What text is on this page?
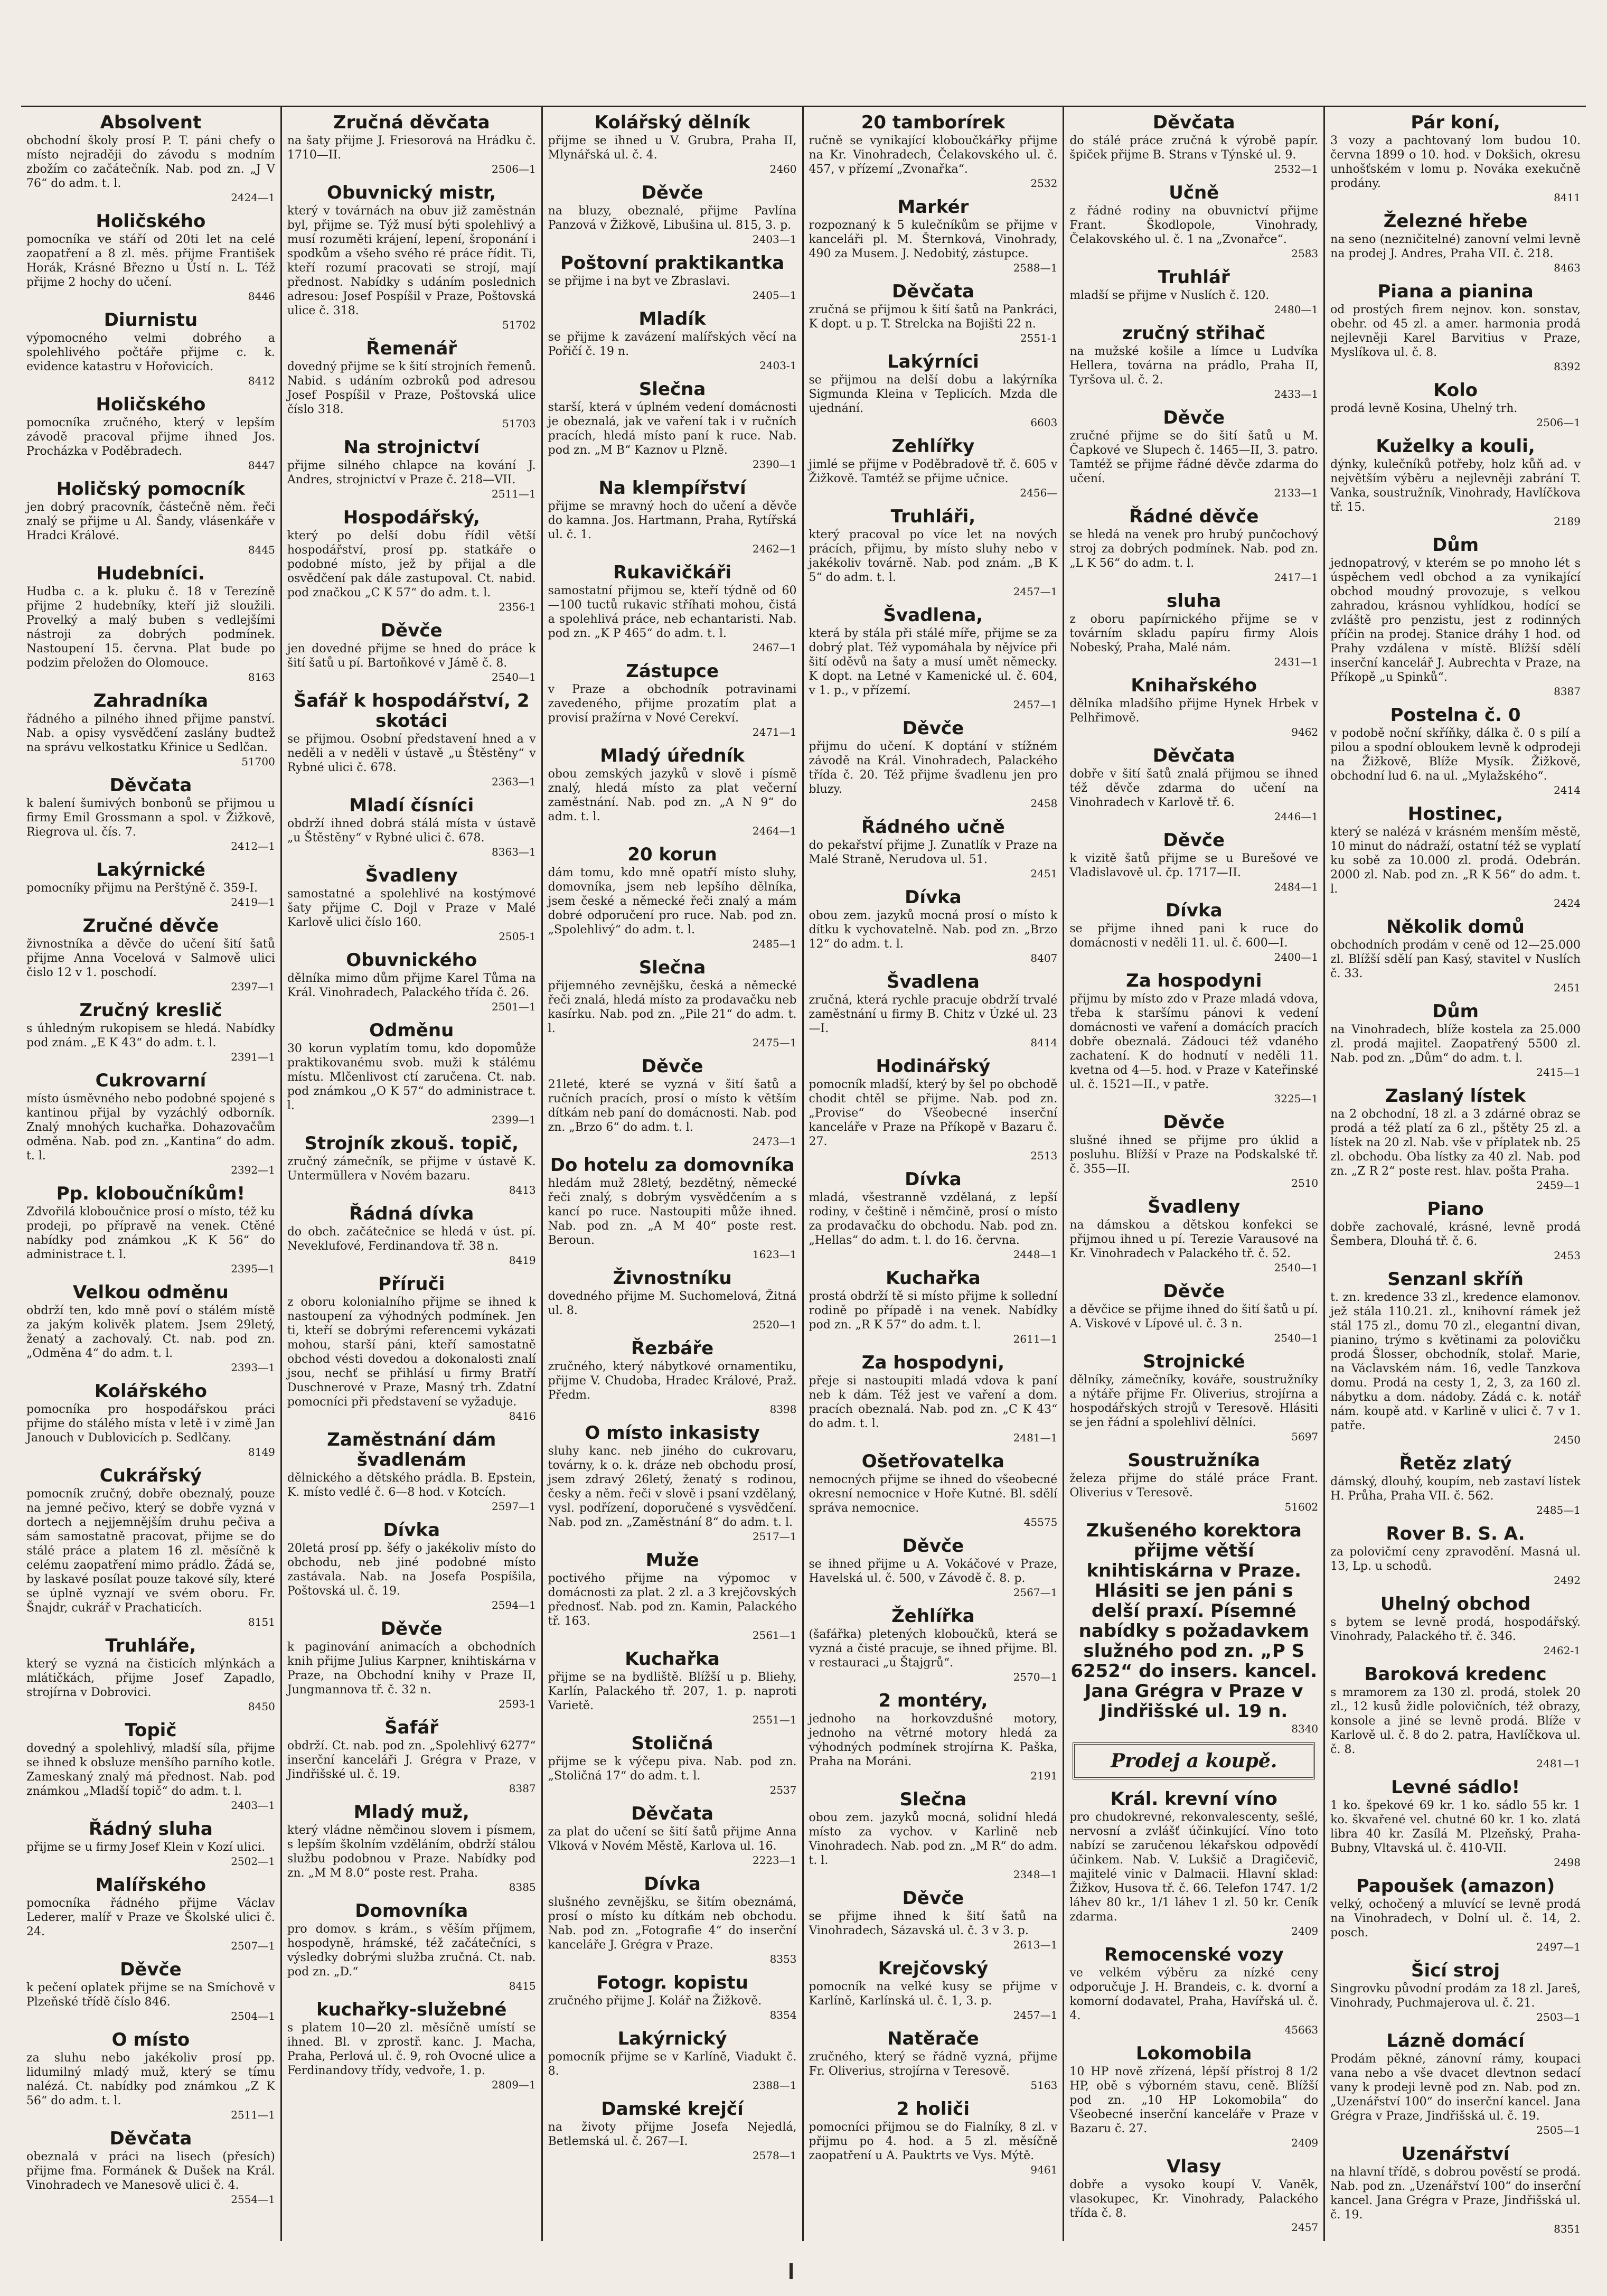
Absolvent

obchodní školy prosí P. T. páni chefy o místo nejraději do závodu s modním zbožím co začátečník. Nab. pod zn. „J V 76“ do adm. t. l.

2424—1
Holičského

pomocníka ve stáří od 20ti let na celé zaopatření a 8 zl. měs. přijme František Horák, Krásné Březno u Ústí n. L. Též přijme 2 hochy do učení.

8446
Diurnistu

výpomocného velmi dobrého a spolehlivého počtáře přijme c. k. evidence katastru v Hořovicích.

8412
Holičského

pomocníka zručného, který v lepším závodě pracoval přijme ihned Jos. Procházka v Poděbradech.

8447
Holičský pomocník

jen dobrý pracovník, částečně něm. řeči znalý se přijme u Al. Šandy, vlásenkáře v Hradci Králové.

8445
Hudebníci.

Hudba c. a k. pluku č. 18 v Terezíně přijme 2 hudebníky, kteří již sloužili. Provelký a malý buben s vedlejšími nástroji za dobrých podmínek. Nastoupení 15. června. Plat bude po podzim přeložen do Olomouce.

8163
Zahradníka

řádného a pilného ihned přijme panství. Nab. a opisy vysvědčení zaslány budtež na správu velkostatku Křinice u Sedlčan.

51700
Děvčata

k balení šumivých bonbonů se přijmou u firmy Emil Grossmann a spol. v Žižkově, Riegrova ul. čís. 7.

2412—1
Lakýrnické

pomocníky přijmu na Perštýně č. 359-I.

2419—1
Zručné děvče

živnostníka a děvče do učení šití šatů přijme Anna Vocelová v Salmově ulici čislo 12 v 1. poschodí.

2397—1
Zručný kreslič

s úhledným rukopisem se hledá. Nabídky pod znám. „E K 43“ do adm. t. l.

2391—1
Cukrovarní

místo úsměvného nebo podobné spojené s kantinou přijal by vyzáchlý odborník. Znalý mnohých kuchařka. Dohazovačům odměna. Nab. pod zn. „Kantina“ do adm. t. l.

2392—1
Pp. kloboučníkům!

Zdvořilá kloboučnice prosí o místo, též ku prodeji, po přípravě na venek. Ctěné nabídky pod známkou „K K 56“ do administrace t. l.

2395—1
Velkou odměnu

obdrží ten, kdo mně poví o stálém místě za jakým kolivěk platem. Jsem 29letý, ženatý a zachovalý. Ct. nab. pod zn. „Odměna 4“ do adm. t. l.

2393—1
Kolářského

pomocníka pro hospodářskou práci přijme do stálého místa v letě i v zimě Jan Janouch v Dublovicích p. Sedlčany.

8149
Cukrářský

pomocník zručný, dobře obeznalý, pouze na jemné pečivo, který se dobře vyzná v dortech a nejjemnějším druhu pečiva a sám samostatně pracovat, přijme se do stálé práce a platem 16 zl. měsíčně k celému zaopatření mimo prádlo. Žádá se, by laskavé posílat pouze takové síly, které se úplně vyznají ve svém oboru. Fr. Šnajdr, cukrář v Prachaticích.

8151
Truhláře,

který se vyzná na čisticích mlýnkách a mlátičkách, přijme Josef Zapadlo, strojírna v Dobrovici.

8450
Topič

dovedný a spolehlivý, mladší síla, přijme se ihned k obsluze menšího parního kotle. Zameskaný znalý má přednost. Nab. pod známkou „Mladší topič“ do adm. t. l.

2403—1
Řádný sluha

přijme se u firmy Josef Klein v Kozí ulici.

2502—1
Malířského

pomocníka řádného přijme Václav Lederer, malíř v Praze ve Školské ulici č. 24.

2507—1
Děvče

k pečení oplatek přijme se na Smíchově v Plzeňské třídě číslo 846.

2504—1
O místo

za sluhu nebo jakékoliv prosí pp. lidumilný mladý muž, který se tímu nalézá. Ct. nabídky pod známkou „Z K 56“ do adm. t. l.

2511—1
Děvčata

obeznalá v práci na lisech (přesích) přijme fma. Formánek & Dušek na Král. Vinohradech ve Manesově ulici č. 4.

2554—1
Zručná děvčata

na šaty přijme J. Friesorová na Hrádku č. 1710—II.

2506—1
Obuvnický mistr,

který v továrnách na obuv již zaměstnán byl, přijme se. Týž musí býti spolehlivý a musí rozuměti krájení, lepení, šroponání i spodkům a všeho svého ré práce řídit. Ti, kteří rozumí pracovati se strojí, mají přednost. Nabídky s udáním poslednich adresou: Josef Pospíšil v Praze, Poštovská ulice č. 318.

51702
Řemenář

dovedný přijme se k šití strojních řemenů. Nabid. s udáním ozbroků pod adresou Josef Pospíšil v Praze, Poštovská ulice číslo 318.

51703
Na strojnictví

přijme silného chlapce na kování J. Andres, strojnictví v Praze č. 218—VII.

2511—1
Hospodářský,

který po delší dobu řídil větší hospodářství, prosí pp. statkáře o podobné místo, jež by přijal a dle osvědčení pak dále zastupoval. Ct. nabid. pod značkou „C K 57“ do adm. t. l.

2356-1
Děvče

jen dovedné přijme se hned do práce k šití šatů u pí. Bartoňkové v Jámě č. 8.

2540—1
Šafář k hospodářství, 2 skotáci

se přijmou. Osobní představení hned a v neděli a v neděli v ústavě „u Štěstěny“ v Rybné ulici č. 678.

2363—1
Mladí čísníci

obdrží ihned dobrá stálá místa v ústavě „u Štěstěny“ v Rybné ulici č. 678.

8363—1
Švadleny

samostatné a spolehlivé na kostýmové šaty přijme C. Dojl v Praze v Malé Karlově ulici číslo 160.

2505-1
Obuvnického

dělníka mimo dům přijme Karel Tůma na Král. Vinohradech, Palackého třída č. 26.

2501—1
Odměnu

30 korun vyplatím tomu, kdo dopomůže praktikovanému svob. muži k stálému místu. Mlčenlivost ctí zaručena. Ct. nab. pod známkou „O K 57“ do administrace t. l.

2399—1
Strojník zkouš. topič,

zručný zámečník, se přijme v ústavě K. Untermüllera v Novém bazaru.

8413
Řádná dívka

do obch. začátečnice se hledá v úst. pí. Neveklufové, Ferdinandova tř. 38 n.

8419
Příruči

z oboru kolonialního přijme se ihned k nastoupení za výhodných podmínek. Jen ti, kteří se dobrými referencemi vykázati mohou, starší páni, kteří samostatně obchod vésti dovedou a dokonalosti znalí jsou, nechť se přihlásí u firmy Bratří Duschnerové v Praze, Masný trh. Zdatní pomocníci při představení se vyžaduje.

8416
Zaměstnání dám švadlenám

dělnického a dětského prádla. B. Epstein, K. místo vedlé č. 6—8 hod. v Kotcích.

2597—1
Dívka

20letá prosí pp. šéfy o jakékoliv místo do obchodu, neb jiné podobné místo zastávala. Nab. na Josefa Pospíšila, Poštovská ul. č. 19.

2594—1
Děvče

k paginování animacích a obchodních knih přijme Julius Karpner, knihtiskárna v Praze, na Obchodní knihy v Praze II, Jungmannova tř. č. 32 n.

2593-1
Šafář

obdrží. Ct. nab. pod zn. „Spolehlivý 6277“ inserční kanceláři J. Grégra v Praze, v Jindřišské ul. č. 19.

8387
Mladý muž,

který vládne němčinou slovem i písmem, s lepším školním vzděláním, obdrží stálou službu podobnou v Praze. Nabídky pod zn. „M M 8.0“ poste rest. Praha.

8385
Domovníka

pro domov. s krám., s věším příjmem, hospodyně, hrámské, též začátečníci, s výsledky dobrými služba zručná. Ct. nab. pod zn. „D.“

8415
kuchařky-služebné

s platem 10—20 zl. měsíčně umístí se ihned. Bl. v zprostř. kanc. J. Macha, Praha, Perlová ul. č. 9, roh Ovocné ulice a Ferdinandovy třídy, vedvoře, 1. p.

2809—1
Kolářský dělník

přijme se ihned u V. Grubra, Praha II, Mlynářská ul. č. 4.

2460
Děvče

na bluzy, obeznalé, přijme Pavlína Panzová v Žižkově, Libušina ul. 815, 3. p.

2403—1
Poštovní praktikantka

se přijme i na byt ve Zbraslavi.

2405—1
Mladík

se přijme k zavázení malířských věcí na Pořičí č. 19 n.

2403-1
Slečna

starší, která v úplném vedení domácnosti je obeznalá, jak ve vaření tak i v ručních pracích, hledá místo paní k ruce. Nab. pod zn. „M B“ Kaznov u Plzně.

2390—1
Na klempířství

přijme se mravný hoch do učení a děvče do kamna. Jos. Hartmann, Praha, Rytířská ul. č. 1.

2462—1
Rukavičkáři

samostatní přijmou se, kteří týdně od 60—100 tuctů rukavic stříhati mohou, čistá a spolehlivá práce, neb echantaristi. Nab. pod zn. „K P 465“ do adm. t. l.

2467—1
Zástupce

v Praze a obchodník potravinami zavedeného, přijme prozatím plat a provisí pražírna v Nové Cerekví.

2471—1
Mladý úředník

obou zemských jazyků v slově i písmě znalý, hledá místo za plat večerní zaměstnání. Nab. pod zn. „A N 9“ do adm. t. l.

2464—1
20 korun

dám tomu, kdo mně opatří místo sluhy, domovníka, jsem neb lepšího dělníka, jsem české a německé řeči znalý a mám dobré odporučení pro ruce. Nab. pod zn. „Spolehlivý“ do adm. t. l.

2485—1
Slečna

přijemného zevnějšku, česká a německé řeči znalá, hledá místo za prodavačku neb kasírku. Nab. pod zn. „Pile 21“ do adm. t. l.

2475—1
Děvče

21leté, které se vyzná v šití šatů a ručních pracích, prosí o místo k větším dítkám neb paní do domácnosti. Nab. pod zn. „Brzo 6“ do adm. t. l.

2473—1
Do hotelu za domovníka

hledám muž 28letý, bezdětný, německé řeči znalý, s dobrým vysvědčením a s kancí po ruce. Nastoupiti může ihned. Nab. pod zn. „A M 40“ poste rest. Beroun.

1623—1
Živnostníku

dovedného přijme M. Suchomelová, Žitná ul. 8.

2520—1
Řezbáře

zručného, který nábytkové ornamentiku, přijme V. Chudoba, Hradec Králové, Praž. Předm.

8398
O místo inkasisty

sluhy kanc. neb jiného do cukrovaru, továrny, k o. k. dráze neb obchodu prosí, jsem zdravý 26letý, ženatý s rodinou, česky a něm. řeči v slově i psaní vzdělaný, vysl. podřízení, doporučené s vysvědčení. Nab. pod zn. „Zaměstnání 8“ do adm. t. l.

2517—1
Muže

poctivého přijme na výpomoc v domácnosti za plat. 2 zl. a 3 krejčovských přednosť. Nab. pod zn. Kamin, Palackého tř. 163.

2561—1
Kuchařka

přijme se na bydliště. Blížší u p. Bliehy, Karlín, Palackého tř. 207, 1. p. naproti Varietě.

2551—1
Stoličná

přijme se k výčepu piva. Nab. pod zn. „Stoličná 17“ do adm. t. l.

2537
Děvčata

za plat do učení se šití šatů přijme Anna Vlková v Novém Městě, Karlova ul. 16.

2223—1
Dívka

slušného zevnějšku, se šitím obeznámá, prosí o místo ku dítkám neb obchodu. Nab. pod zn. „Fotografie 4“ do inserční kanceláře J. Grégra v Praze.

8353
Fotogr. kopistu

zručného přijme J. Kolář na Žižkově.

8354
Lakýrnický

pomocník přijme se v Karlíně, Viadukt č. 8.

2388—1
Damské krejčí

na životy přijme Josefa Nejedlá, Betlemská ul. č. 267—I.

2578—1
20 tamborírek

ručně se vynikající kloboučkářky přijme na Kr. Vinohradech, Čelakovského ul. č. 457, v přízemí „Zvonařka“.

2532
Markér

rozpoznaný k 5 kulečníkům se přijme v kanceláři pl. M. Šternková, Vinohrady, 490 za Musem. J. Nedobitý, zástupce.

2588—1
Děvčata

zručná se přijmou k šití šatů na Pankráci, K dopt. u p. T. Strelcka na Bojišti 22 n.

2551-1
Lakýrníci

se přijmou na delší dobu a lakýrníka Sigmunda Kleina v Teplicích. Mzda dle ujednání.

6603
Zehlířky

jimlé se přijme v Poděbradově tř. č. 605 v Žižkově. Tamtéž se přijme učnice.

2456—
Truhláři,

který pracoval po více let na nových prácích, přijmu, by místo sluhy nebo v jakékoliv továrně. Nab. pod znám. „B K 5“ do adm. t. l.

2457—1
Švadlena,

která by stála při stálé míře, přijme se za dobrý plat. Též vypomáhala by nějvíce při šití oděvů na šaty a musí umět německy. K dopt. na Letné v Kamenické ul. č. 604, v 1. p., v přízemí.

2457—1
Děvče

přijmu do učení. K doptání v stížném závodě na Král. Vinohradech, Palackého třída č. 20. Též přijme švadlenu jen pro bluzy.

2458
Řádného učně

do pekařství přijme J. Zunatlík v Praze na Malé Straně, Nerudova ul. 51.

2451
Dívka

obou zem. jazyků mocná prosí o místo k dítku k vychovatelně. Nab. pod zn. „Brzo 12“ do adm. t. l.

8407
Švadlena

zručná, která rychle pracuje obdrží trvalé zaměstnání u firmy B. Chitz v Úzké ul. 23—I.

8414
Hodinářský

pomocník mladší, který by šel po obchodě chodit chtěl se přijme. Nab. pod zn. „Provise“ do Všeobecné inserční kanceláře v Praze na Příkopě v Bazaru č. 27.

2513
Dívka

mladá, všestranně vzdělaná, z lepší rodiny, v češtině i němčině, prosí o místo za prodavačku do obchodu. Nab. pod zn. „Hellas“ do adm. t. l. do 16. června.

2448—1
Kuchařka

prostá obdrží tě si místo přijme k sollední rodině po případě i na venek. Nabídky pod zn. „R K 57“ do adm. t. l.

2611—1
Za hospodyni,

přeje si nastoupiti mladá vdova k paní neb k dám. Též jest ve vaření a dom. pracích obeznalá. Nab. pod zn. „C K 43“ do adm. t. l.

2481—1
Ošetřovatelka

nemocných přijme se ihned do všeobecné okresní nemocnice v Hoře Kutné. Bl. sdělí správa nemocnice.

45575
Děvče

se ihned přijme u A. Vokáčové v Praze, Havelská ul. č. 500, v Závodě č. 8. p.

2567—1
Žehlířka

(šafářka) pletených kloboučků, která se vyzná a čisté pracuje, se ihned přijme. Bl. v restauraci „u Štajgrů“.

2570—1
2 montéry,

jednoho na horkovzdušné motory, jednoho na větrné motory hledá za výhodných podmínek strojírna K. Paška, Praha na Moráni.

2191
Slečna

obou zem. jazyků mocná, solidní hledá místo za vychov. v Karlině neb Vinohradech. Nab. pod zn. „M R“ do adm. t. l.

2348—1
Děvče

se přijme ihned k šití šatů na Vinohradech, Sázavská ul. č. 3 v 3. p.

2613—1
Krejčovský

pomocník na velké kusy se přijme v Karlíně, Karlínská ul. č. 1, 3. p.

2457—1
Natěrače

zručného, který se řádně vyzná, přijme Fr. Oliverius, strojírna v Teresově.

5163
2 holiči

pomocníci přijmou se do Fialníky, 8 zl. v přijmu po 4. hod. a 5 zl. měsíčně zaopatření u A. Pauktrts ve Vys. Mýtě.

9461
Děvčata

do stálé práce zručná k výrobě papír. špiček přijme B. Strans v Týnské ul. 9.

2532—1
Učně

z řádné rodiny na obuvnictví přijme Frant. Škodlopole, Vinohrady, Čelakovského ul. č. 1 na „Zvonařce“.

2583
Truhlář

mladší se přijme v Nuslích č. 120.

2480—1
zručný střihač

na mužské košile a límce u Ludvíka Hellera, továrna na prádlo, Praha II, Tyršova ul. č. 2.

2433—1
Děvče

zručné přijme se do šití šatů u M. Čapkové ve Slupech č. 1465—II, 3. patro. Tamtéž se přijme řádné děvče zdarma do učení.

2133—1
Řádné děvče

se hledá na venek pro hrubý punčochový stroj za dobrých podmínek. Nab. pod zn. „L K 56“ do adm. t. l.

2417—1
sluha

z oboru papírnického přijme se v továrním skladu papíru firmy Alois Nobeský, Praha, Malé nám.

2431—1
Knihařského

dělníka mladšího přijme Hynek Hrbek v Pelhřimově.

9462
Děvčata

dobře v šití šatů znalá přijmou se ihned též děvče zdarma do učení na Vinohradech v Karlově tř. 6.

2446—1
Děvče

k vizitě šatů přijme se u Burešové ve Vladislavově ul. čp. 1717—II.

2484—1
Dívka

se přijme ihned pani k ruce do domácnosti v neděli 11. ul. č. 600—I.

2400—1
Za hospodyni

přijmu by místo zdo v Praze mladá vdova, třeba k staršímu pánovi k vedení domácnosti ve vaření a domácích pracích dobře obeznalá. Zádouci též vdaného zachatení. K do hodnutí v neděli 11. kvetna od 4—5. hod. v Praze v Kateřinské ul. č. 1521—II., v patře.

3225—1
Děvče

slušné ihned se přijme pro úklid a posluhu. Blížší v Praze na Podskalské tř. č. 355—II.

2510
Švadleny

na dámskou a dětskou konfekci se přijmou ihned u pí. Terezie Varausové na Kr. Vinohradech v Palackého tř. č. 52.

2540—1
Děvče

a děvčice se přijme ihned do šití šatů u pí. A. Viskové v Lípové ul. č. 3 n.

2540—1
Strojnické

dělníky, zámečníky, kováře, soustružníky a nýtáře přijme Fr. Oliverius, strojírna a hospodářských strojů v Teresově. Hlásiti se jen řádní a spolehliví dělníci.

5697
Soustružníka

železa přijme do stálé práce Frant. Oliverius v Teresově.

51602
Zkušeného korektora přijme větší knihtiskárna v Praze. Hlásiti se jen páni s delší praxí. Písemné nabídky s požadavkem služného pod zn. „P S 6252“ do insers. kancel. Jana Grégra v Praze v Jindřišské ul. 19 n.
8340
Prodej a koupě.
Král. krevní víno

pro chudokrevné, rekonvalescenty, sešlé, nervosní a zvlášť účinkující. Víno toto nabízí se zaručenou lékařskou odpovědí účinkem. Nab. V. Lukšič a Dragičevič, majitelé vinic v Dalmacii. Hlavní sklad: Žižkov, Husova tř. č. 66. Telefon 1747. 1/2 láhev 80 kr., 1/1 láhev 1 zl. 50 kr. Ceník zdarma.

2409
Remocenské vozy

ve velkém výběru za nízké ceny odporučuje J. H. Brandeis, c. k. dvorní a komorní dodavatel, Praha, Havířská ul. č. 4.

45663
Lokomobila

10 HP nově zřízená, lépší přístroj 8 1/2 HP, obě s výborném stavu, ceně. Blížší pod zn. „10 HP Lokomobila“ do Všeobecné inserční kanceláře v Praze v Bazaru č. 27.

2409
Vlasy

dobře a vysoko koupí V. Vaněk, vlasokupec, Kr. Vinohrady, Palackého třída č. 8.

2457
Pár koní,

3 vozy a pachtovaný lom budou 10. června 1899 o 10. hod. v Dokšich, okresu unhošťském v lomu p. Nováka exekučně prodány.

8411
Železné hřebe

na seno (nezničitelné) zanovní velmi levně na prodej J. Andres, Praha VII. č. 218.

8463
Piana a pianina

od prostých firem nejnov. kon. sonstav, obehr. od 45 zl. a amer. harmonia prodá nejlevněji Karel Barvitius v Praze, Myslíkova ul. č. 8.

8392
Kolo

prodá levně Kosina, Uhelný trh.

2506—1
Kuželky a kouli,

dýnky, kulečníků potřeby, holz kůň ad. v největším výběru a nejlevněji zabrání T. Vanka, soustružník, Vinohrady, Havlíčkova tř. 15.

2189
Dům

jednopatrový, v kterém se po mnoho lét s úspěchem vedl obchod a za vynikající obchod moudný provozuje, s velkou zahradou, krásnou vyhlídkou, hodící se zvláště pro penzistu, jest z rodinných příčin na prodej. Stanice dráhy 1 hod. od Prahy vzdálena v místě. Blížší sdělí inserční kancelář J. Aubrechta v Praze, na Příkopě „u Spinků“.

8387
Postelna č. 0

v podobě noční skříňky, dálka č. 0 s pilí a pilou a spodní obloukem levně k odprodeji na Žižkově, Blíže Mysík. Žižkově, obchodní lud 6. na ul. „Mylažského“.

2414
Hostinec,

který se nalézá v krásném menším městě, 10 minut do nádraží, ostatní též se vyplatí ku sobě za 10.000 zl. prodá. Odebrán. 2000 zl. Nab. pod zn. „R K 56“ do adm. t. l.

2424
Několik domů

obchodních prodám v ceně od 12—25.000 zl. Blížší sdělí pan Kasý, stavitel v Nuslích č. 33.

2451
Dům

na Vinohradech, blíže kostela za 25.000 zl. prodá majitel. Zaopatřený 5500 zl. Nab. pod zn. „Dům“ do adm. t. l.

2415—1
Zaslaný lístek

na 2 obchodní, 18 zl. a 3 zdárné obraz se prodá a též platí za 6 zl., pštěty 25 zl. a lístek na 20 zl. Nab. vše v příplatek nb. 25 zl. obchodu. Oba lístky za 40 zl. Nab. pod zn. „Z R 2“ poste rest. hlav. pošta Praha.

2459—1
Piano

dobře zachovalé, krásné, levně prodá Šembera, Dlouhá tř. č. 6.

2453
Senzanl skříň

t. zn. kredence 33 zl., kredence elamonov. jež stála 110.21. zl., knihovní rámek jež stál 175 zl., domu 70 zl., elegantní divan, pianino, trýmo s květinami za polovičku prodá Šlosser, obchodník, stolař. Marie, na Václavském nám. 16, vedle Tanzkova domu. Prodá na cesty 1, 2, 3, za 160 zl. nábytku a dom. nádoby. Zádá c. k. notář nám. koupě atd. v Karlině v ulici č. 7 v 1. patře.

2450
Řetěz zlatý

dámský, dlouhý, koupím, neb zastaví lístek H. Průha, Praha VII. č. 562.

2485—1
Rover B. S. A.

za polovičmí ceny zpravodění. Masná ul. 13, Lp. u schodů.

2492
Uhelný obchod

s bytem se levně prodá, hospodářský. Vinohrady, Palackého tř. č. 346.

2462-1
Baroková kredenc

s mramorem za 130 zl. prodá, stolek 20 zl., 12 kusů židle polovičních, též obrazy, konsole a jiné se levně prodá. Blíže v Karlově ul. č. 8 do 2. patra, Havlíčkova ul. č. 8.

2481—1
Levné sádlo!

1 ko. špekové 69 kr. 1 ko. sádlo 55 kr. 1 ko. škvařené vel. chutné 60 kr. 1 ko. zlatá libra 40 kr. Zasílá M. Plzeňský, Praha-Bubny, Vltavská ul. č. 410-VII.

2498
Papoušek (amazon)

velký, ochočený a mluvící se levně prodá na Vinohradech, v Dolní ul. č. 14, 2. posch.

2497—1
Šicí stroj

Singrovku původní prodám za 18 zl. Jareš, Vinohrady, Puchmajerova ul. č. 21.

2503—1
Lázně domácí

Prodám pěkné, zánovní rámy, koupaci vana nebo a vše dvacet dlevtnon sedací vany k prodeji levně pod zn. Nab. pod zn. „Uzenářství 100“ do inserční kancel. Jana Grégra v Praze, Jindřišská ul. č. 19.

2505—1
Uzenářství

na hlavní třídě, s dobrou pověstí se prodá. Nab. pod zn. „Uzenářství 100“ do inserční kancel. Jana Grégra v Praze, Jindřišská ul. č. 19.

8351
